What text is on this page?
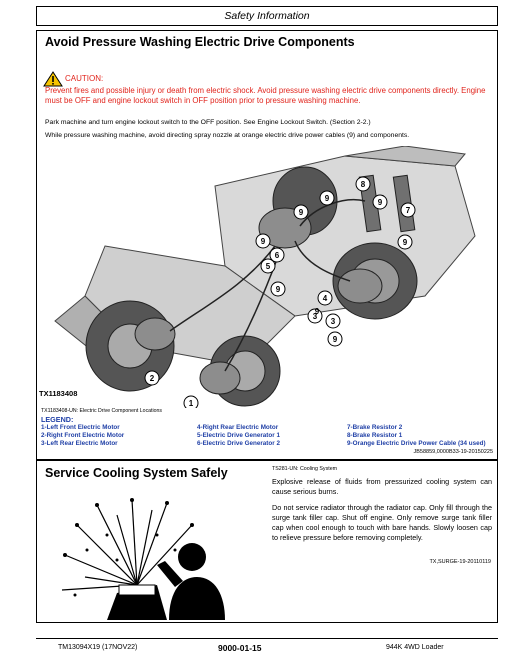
Safety Information
Avoid Pressure Washing Electric Drive Components
CAUTION:
Prevent fires and possible injury or death from electric shock. Avoid pressure washing electric drive components directly. Engine must be OFF and engine lockout switch in OFF position prior to pressure washing machine.
Park machine and turn engine lockout switch to the OFF position. See Engine Lockout Switch. (Section 2-2.)
While pressure washing machine, avoid directing spray nozzle at orange electric drive power cables (9) and components.
1
2
3
3
4
5
6
7
8
9
9
9
9
9
9
9
9
TX1183408
TX1183408-UN: Electric Drive Component Locations
LEGEND:
1-Left Front Electric Motor
2-Right Front Electric Motor
3-Left Rear Electric Motor
4-Right Rear Electric Motor
5-Electric Drive Generator 1
6-Electric Drive Generator 2
7-Brake Resistor 2
8-Brake Resistor 1
9-Orange Electric Drive Power Cable (34 used)
JB58859,0000B33-19-20150225
Service Cooling System Safely	TS281-UN: Cooling System
Explosive release of fluids from pressurized cooling system can cause serious burns.
Do not service radiator through the radiator cap. Only fill through the surge tank filler cap. Shut off engine. Only remove surge tank filler cap when cool enough to touch with bare hands. Slowly loosen cap to relieve pressure before removing completely.
TX,SURGE-19-20110119
TM13094X19 (17NOV22)	9000-01-15	944K 4WD Loader
